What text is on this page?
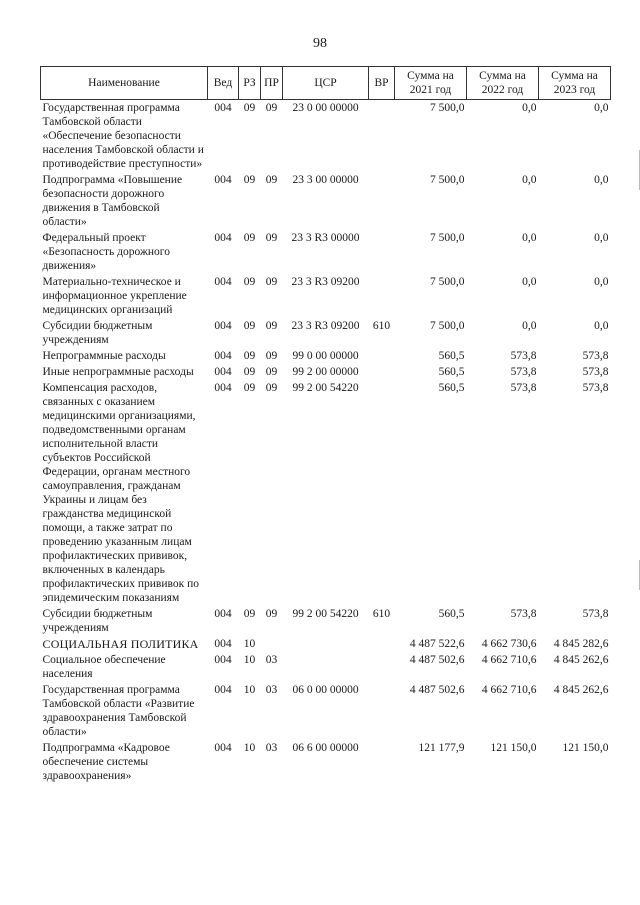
98
Наименование	Вед	РЗ	ПР	ЦСР	ВР	Сумма на 2021 год	Сумма на 2022 год	Сумма на 2023 год
Государственная программа Тамбовской области «Обеспечение безопасности населения Тамбовской области и противодействие преступности»	004	09	09	23 0 00 00000		7 500,0	0,0	0,0
Подпрограмма «Повышение безопасности дорожного движения в Тамбовской области»	004	09	09	23 3 00 00000		7 500,0	0,0	0,0
Федеральный проект «Безопасность дорожного движения»	004	09	09	23 3 R3 00000		7 500,0	0,0	0,0
Материально-техническое и информационное укрепление медицинских организаций	004	09	09	23 3 R3 09200		7 500,0	0,0	0,0
Субсидии бюджетным учреждениям	004	09	09	23 3 R3 09200	610	7 500,0	0,0	0,0
Непрограммные расходы	004	09	09	99 0 00 00000		560,5	573,8	573,8
Иные непрограммные расходы	004	09	09	99 2 00 00000		560,5	573,8	573,8
Компенсация расходов, связанных с оказанием медицинскими организациями, подведомственными органам исполнительной власти субъектов Российской Федерации, органам местного самоуправления, гражданам Украины и лицам без гражданства медицинской помощи, а также затрат по проведению указанным лицам профилактических прививок, включенных в календарь профилактических прививок по эпидемическим показаниям	004	09	09	99 2 00 54220		560,5	573,8	573,8
Субсидии бюджетным учреждениям	004	09	09	99 2 00 54220	610	560,5	573,8	573,8
СОЦИАЛЬНАЯ ПОЛИТИКА	004	10				4 487 522,6	4 662 730,6	4 845 282,6
Социальное обеспечение населения	004	10	03			4 487 502,6	4 662 710,6	4 845 262,6
Государственная программа Тамбовской области «Развитие здравоохранения Тамбовской области»	004	10	03	06 0 00 00000		4 487 502,6	4 662 710,6	4 845 262,6
Подпрограмма «Кадровое обеспечение системы здравоохранения»	004	10	03	06 6 00 00000		121 177,9	121 150,0	121 150,0
